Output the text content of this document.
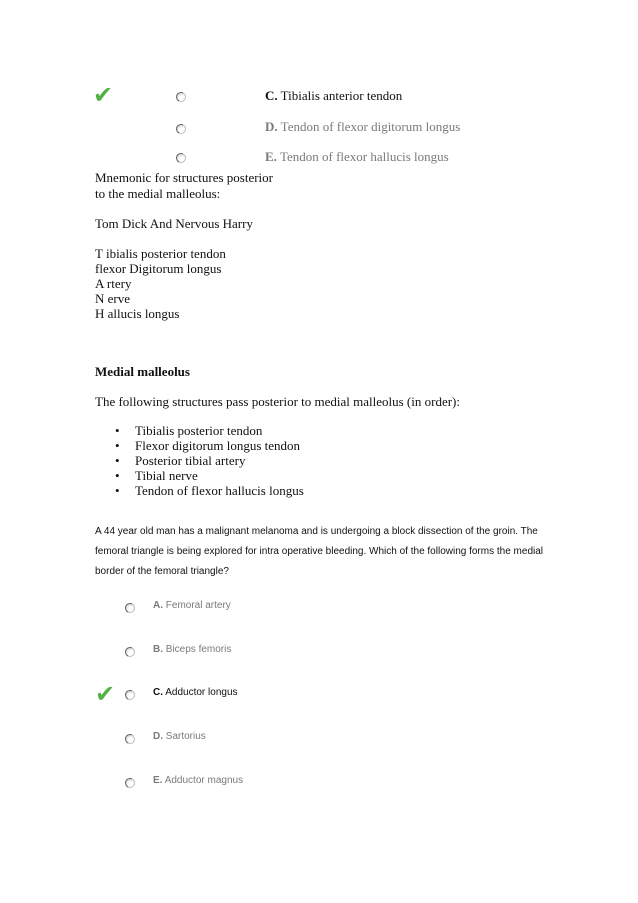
✔	C. Tibialis anterior tendon
D. Tendon of flexor digitorum longus
E. Tendon of flexor hallucis longus
Mnemonic for structures posterior
to the medial malleolus:
Tom Dick And Nervous Harry
T ibialis posterior tendon
flexor Digitorum longus
A rtery
N erve
H allucis longus
Medial malleolus
The following structures pass posterior to medial malleolus (in order):
• Tibialis posterior tendon
• Flexor digitorum longus tendon
• Posterior tibial artery
• Tibial nerve
• Tendon of flexor hallucis longus
A 44 year old man has a malignant melanoma and is undergoing a block dissection of the groin. The femoral triangle is being explored for intra operative bleeding. Which of the following forms the medial border of the femoral triangle?
A. Femoral artery
B. Biceps femoris
✔	C. Adductor longus
D. Sartorius
E. Adductor magnus
